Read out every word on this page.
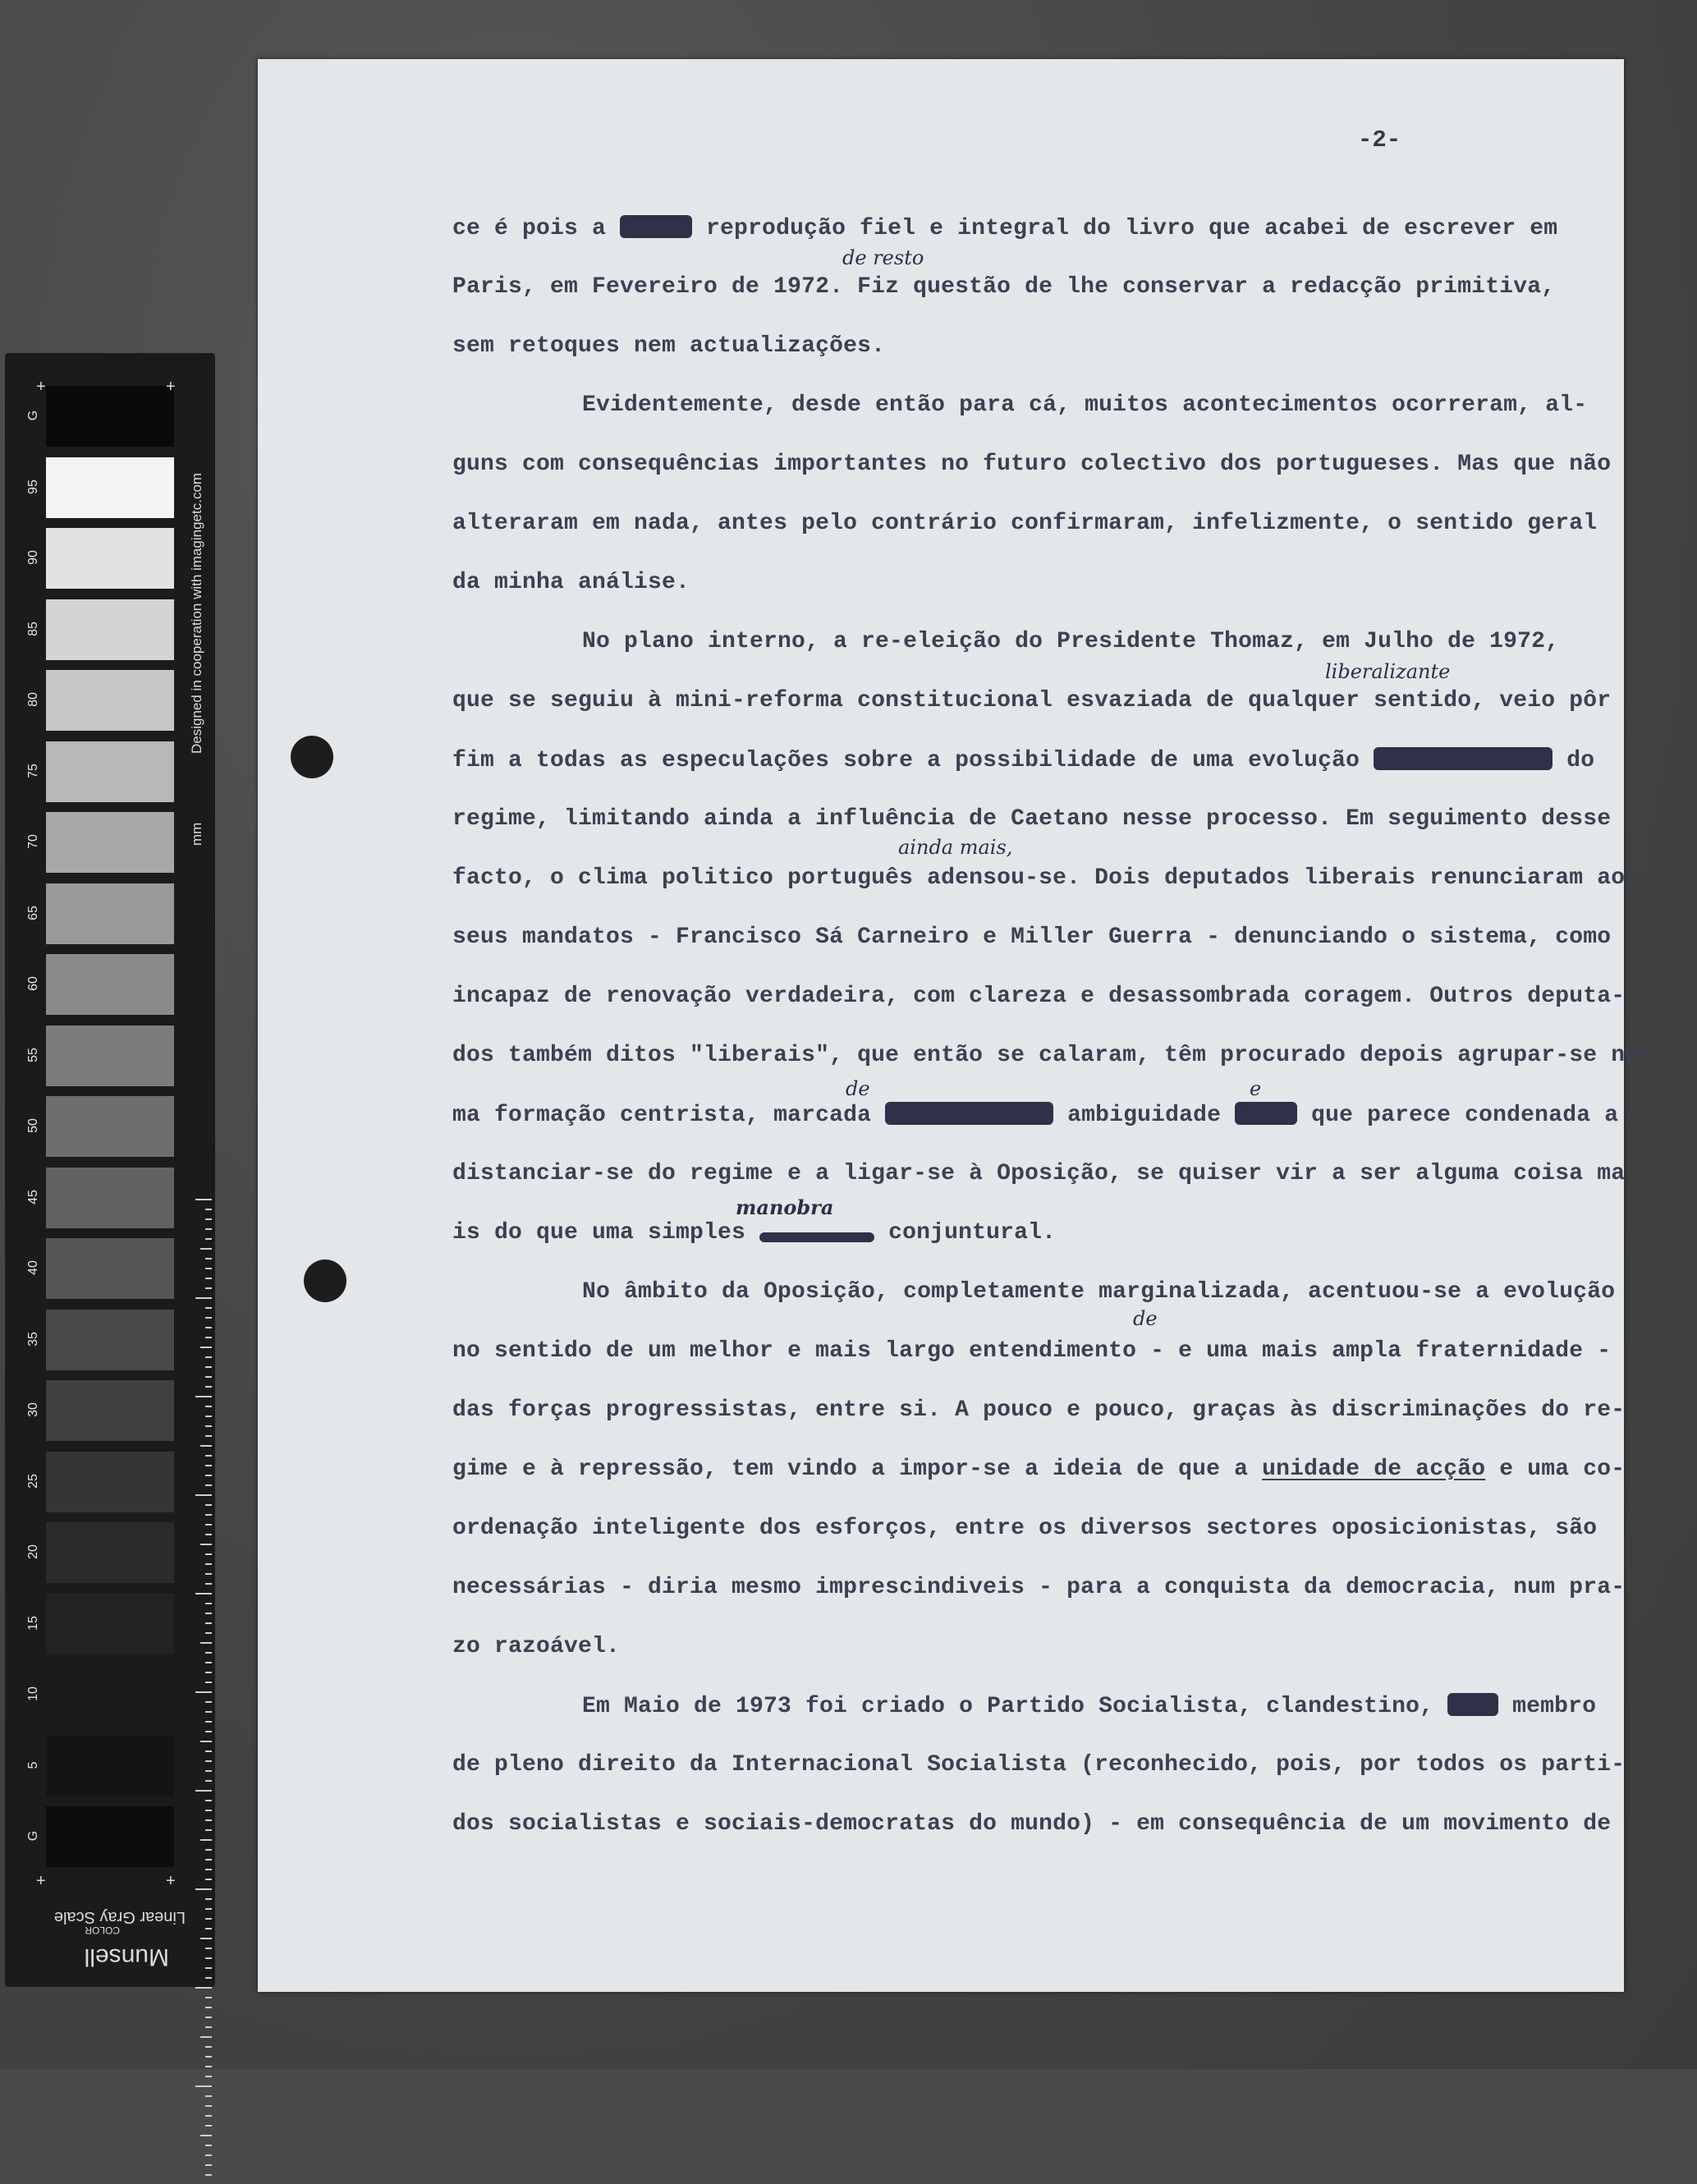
G
95
90
85
80
75
70
65
60
55
50
45
40
35
30
25
20
15
10
5
G
+	+
+	+
Designed in cooperation with imagingetc.com
mm
Linear Gray Scale
Munsell
COLOR
-2-
de resto
liberalizante
ainda mais,
de	e
manobra
de
ce é pois a	reprodução fiel e integral do livro que acabei de escrever em
Paris, em Fevereiro de 1972. Fiz questão de lhe conservar a redacção primitiva,
sem retoques nem actualizações.
Evidentemente, desde então para cá, muitos acontecimentos ocorreram, al-
guns com consequências importantes no futuro colectivo dos portugueses. Mas que não
alteraram em nada, antes pelo contrário confirmaram, infelizmente, o sentido geral
da minha análise.
No plano interno, a re-eleição do Presidente Thomaz, em Julho de 1972,
que se seguiu à mini-reforma constitucional esvaziada de qualquer sentido, veio pôr
fim a todas as especulações sobre a possibilidade de uma evolução	do
regime, limitando ainda a influência de Caetano nesse processo. Em seguimento desse
facto, o clima politico português adensou-se. Dois deputados liberais renunciaram aos
seus mandatos - Francisco Sá Carneiro e Miller Guerra - denunciando o sistema, como
incapaz de renovação verdadeira, com clareza e desassombrada coragem. Outros deputa-
dos também ditos "liberais", que então se calaram, têm procurado depois agrupar-se nu-
ma formação centrista, marcada	ambiguidade	que parece condenada a
distanciar-se do regime e a ligar-se à Oposição, se quiser vir a ser alguma coisa ma-
is do que uma simples	conjuntural.
No âmbito da Oposição, completamente marginalizada, acentuou-se a evolução
no sentido de um melhor e mais largo entendimento - e uma mais ampla fraternidade -
das forças progressistas, entre si. A pouco e pouco, graças às discriminações do re-
gime e à repressão, tem vindo a impor-se a ideia de que a unidade de acção e uma co-
ordenação inteligente dos esforços, entre os diversos sectores oposicionistas, são
necessárias - diria mesmo imprescindiveis - para a conquista da democracia, num pra-
zo razoável.
Em Maio de 1973 foi criado o Partido Socialista, clandestino,  membro
de pleno direito da Internacional Socialista (reconhecido, pois, por todos os parti-
dos socialistas e sociais-democratas do mundo) - em consequência de um movimento de
